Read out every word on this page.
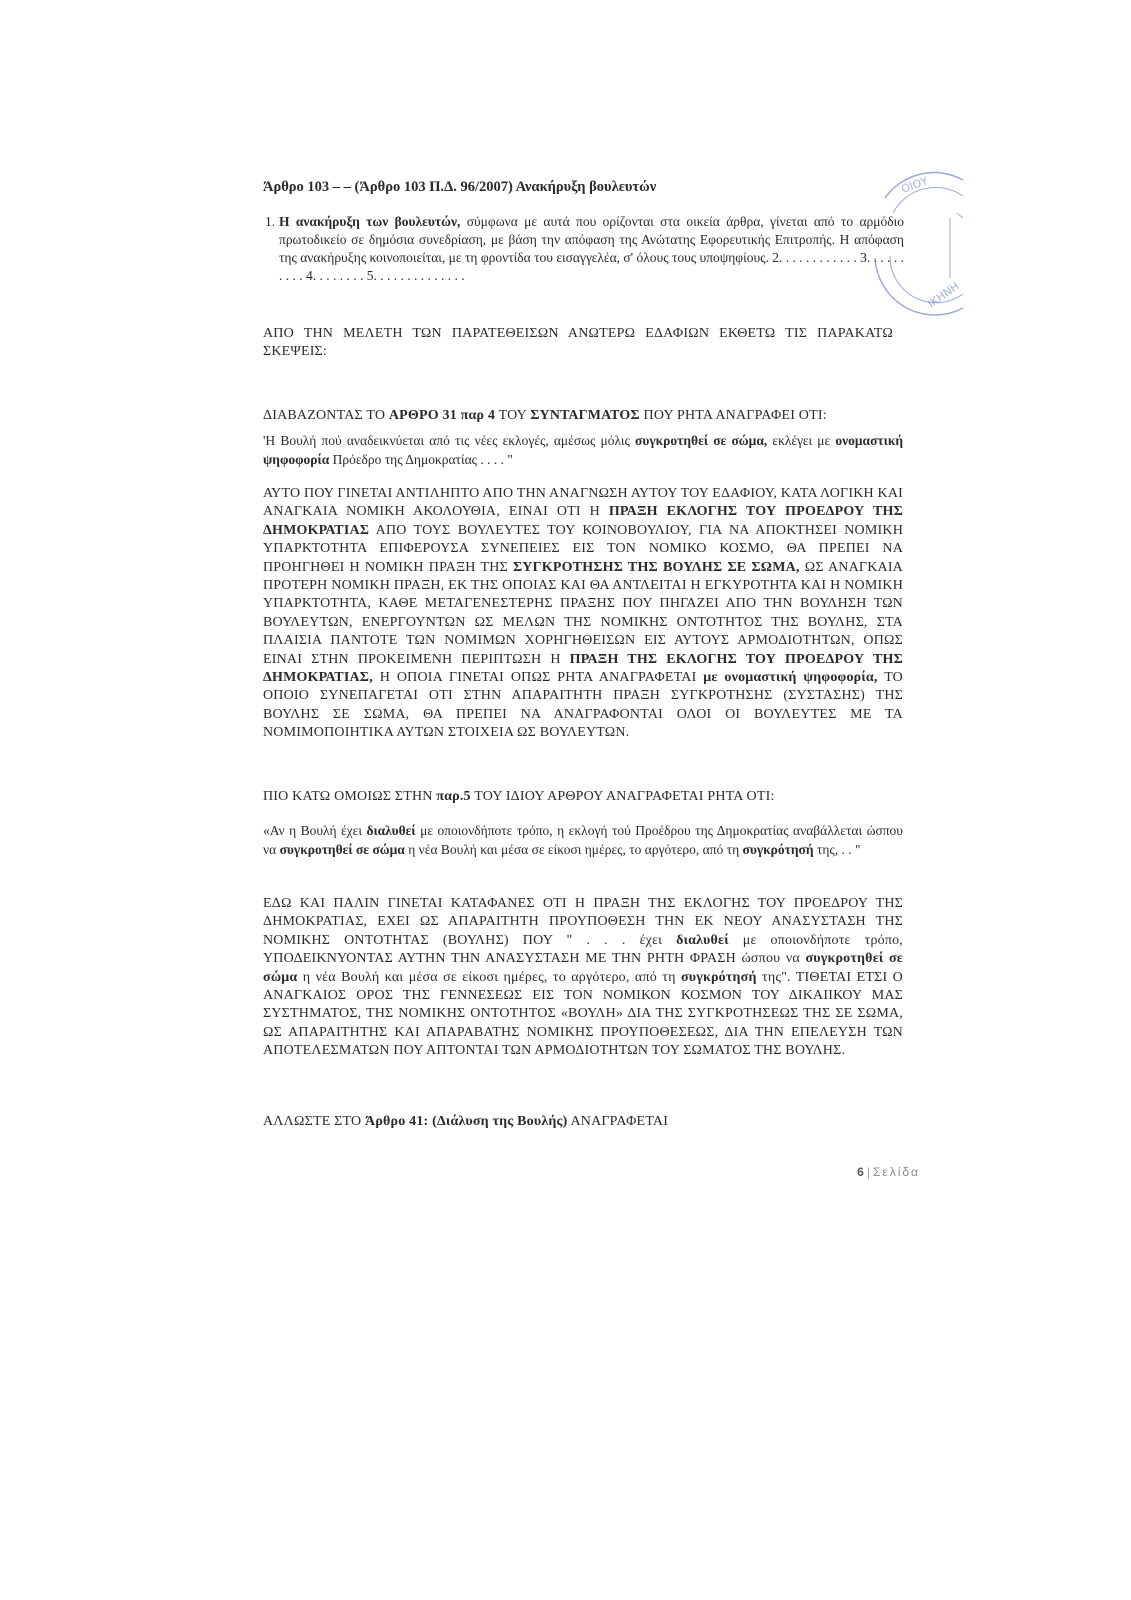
Άρθρο 103 – – (Άρθρο 103 Π.Δ. 96/2007) Ανακήρυξη βουλευτών

1. Η ανακήρυξη των βουλευτών, σύμφωνα με αυτά που ορίζονται στα οικεία άρθρα, γίνεται από το αρμόδιο πρωτοδικείο σε δημόσια συνεδρίαση, με βάση την απόφαση της Ανώτατης Εφορευτικής Επιτροπής. Η απόφαση της ανακήρυξης κοινοποιείται, με τη φροντίδα του εισαγγελέα, σ' όλους τους υποψηφίους. 2. . . . . . . . . . . . 3. . . . . . . . . . 4. . . . . . . . 5. . . . . . . . . . . . . .

ΟΙΟΥ
ΙΚΗΝΗ

ΑΠΟ ΤΗΝ ΜΕΛΕΤΗ ΤΩΝ ΠΑΡΑΤΕΘΕΙΣΩΝ ΑΝΩΤΕΡΩ ΕΔΑΦΙΩΝ ΕΚΘΕΤΩ ΤΙΣ ΠΑΡΑΚΑΤΩ ΣΚΕΨΕΙΣ:

ΔΙΑΒΑΖΟΝΤΑΣ ΤΟ ΑΡΘΡΟ 31 παρ 4 ΤΟΥ ΣΥΝΤΑΓΜΑΤΟΣ ΠΟΥ ΡΗΤΑ ΑΝΑΓΡΑΦΕΙ ΟΤΙ:

'Η Βουλή πού αναδεικνύεται από τις νέες εκλογές, αμέσως μόλις συγκροτηθεί σε σώμα, εκλέγει με ονομαστική ψηφοφορία Πρόεδρο της Δημοκρατίας . . . . "

ΑΥΤΟ ΠΟΥ ΓΙΝΕΤΑΙ ΑΝΤΙΛΗΠΤΟ ΑΠΟ ΤΗΝ ΑΝΑΓΝΩΣΗ ΑΥΤΟΥ ΤΟΥ ΕΔΑΦΙΟΥ, ΚΑΤΑ ΛΟΓΙΚΗ ΚΑΙ ΑΝΑΓΚΑΙΑ ΝΟΜΙΚΗ ΑΚΟΛΟΥΘΙΑ, ΕΙΝΑΙ ΟΤΙ Η ΠΡΑΞΗ ΕΚΛΟΓΗΣ ΤΟΥ ΠΡΟΕΔΡΟΥ ΤΗΣ ΔΗΜΟΚΡΑΤΙΑΣ ΑΠΟ ΤΟΥΣ ΒΟΥΛΕΥΤΕΣ ΤΟΥ ΚΟΙΝΟΒΟΥΛΙΟΥ, ΓΙΑ ΝΑ ΑΠΟΚΤΗΣΕΙ ΝΟΜΙΚΗ ΥΠΑΡΚΤΟΤΗΤΑ ΕΠΙΦΕΡΟΥΣΑ ΣΥΝΕΠΕΙΕΣ ΕΙΣ ΤΟΝ ΝΟΜΙΚΟ ΚΟΣΜΟ, ΘΑ ΠΡΕΠΕΙ ΝΑ ΠΡΟΗΓΗΘΕΙ Η ΝΟΜΙΚΗ ΠΡΑΞΗ ΤΗΣ ΣΥΓΚΡΟΤΗΣΗΣ ΤΗΣ ΒΟΥΛΗΣ ΣΕ ΣΩΜΑ, ΩΣ ΑΝΑΓΚΑΙΑ ΠΡΟΤΕΡΗ ΝΟΜΙΚΗ ΠΡΑΞΗ, ΕΚ ΤΗΣ ΟΠΟΙΑΣ ΚΑΙ ΘΑ ΑΝΤΛΕΙΤΑΙ Η ΕΓΚΥΡΟΤΗΤΑ ΚΑΙ Η ΝΟΜΙΚΗ ΥΠΑΡΚΤΟΤΗΤΑ, ΚΑΘΕ ΜΕΤΑΓΕΝΕΣΤΕΡΗΣ ΠΡΑΞΗΣ ΠΟΥ ΠΗΓΑΖΕΙ ΑΠΟ ΤΗΝ ΒΟΥΛΗΣΗ ΤΩΝ ΒΟΥΛΕΥΤΩΝ, ΕΝΕΡΓΟΥΝΤΩΝ ΩΣ ΜΕΛΩΝ ΤΗΣ ΝΟΜΙΚΗΣ ΟΝΤΟΤΗΤΟΣ ΤΗΣ ΒΟΥΛΗΣ, ΣΤΑ ΠΛΑΙΣΙΑ ΠΑΝΤΟΤΕ ΤΩΝ ΝΟΜΙΜΩΝ ΧΟΡΗΓΗΘΕΙΣΩΝ ΕΙΣ ΑΥΤΟΥΣ ΑΡΜΟΔΙΟΤΗΤΩΝ, ΟΠΩΣ ΕΙΝΑΙ ΣΤΗΝ ΠΡΟΚΕΙΜΕΝΗ ΠΕΡΙΠΤΩΣΗ Η ΠΡΑΞΗ ΤΗΣ ΕΚΛΟΓΗΣ ΤΟΥ ΠΡΟΕΔΡΟΥ ΤΗΣ ΔΗΜΟΚΡΑΤΙΑΣ, Η ΟΠΟΙΑ ΓΙΝΕΤΑΙ ΟΠΩΣ ΡΗΤΑ ΑΝΑΓΡΑΦΕΤΑΙ με ονομαστική ψηφοφορία, ΤΟ ΟΠΟΙΟ ΣΥΝΕΠΑΓΕΤΑΙ ΟΤΙ ΣΤΗΝ ΑΠΑΡΑΙΤΗΤΗ ΠΡΑΞΗ ΣΥΓΚΡΟΤΗΣΗΣ (ΣΥΣΤΑΣΗΣ) ΤΗΣ ΒΟΥΛΗΣ ΣΕ ΣΩΜΑ, ΘΑ ΠΡΕΠΕΙ ΝΑ ΑΝΑΓΡΑΦΟΝΤΑΙ ΟΛΟΙ ΟΙ ΒΟΥΛΕΥΤΕΣ ΜΕ ΤΑ ΝΟΜΙΜΟΠΟΙΗΤΙΚΑ ΑΥΤΩΝ ΣΤΟΙΧΕΙΑ ΩΣ ΒΟΥΛΕΥΤΩΝ.

ΠΙΟ ΚΑΤΩ ΟΜΟΙΩΣ ΣΤΗΝ παρ.5 ΤΟΥ ΙΔΙΟΥ ΑΡΘΡΟΥ ΑΝΑΓΡΑΦΕΤΑΙ ΡΗΤΑ ΟΤΙ:

«Αν η Βουλή έχει διαλυθεί με οποιονδήποτε τρόπο, η εκλογή τού Προέδρου της Δημοκρατίας αναβάλλεται ώσπου να συγκροτηθεί σε σώμα η νέα Βουλή και μέσα σε είκοσι ημέρες, το αργότερο, από τη συγκρότησή της, . . "

ΕΔΩ ΚΑΙ ΠΑΛΙΝ ΓΙΝΕΤΑΙ ΚΑΤΑΦΑΝΕΣ ΟΤΙ Η ΠΡΑΞΗ ΤΗΣ ΕΚΛΟΓΗΣ ΤΟΥ ΠΡΟΕΔΡΟΥ ΤΗΣ ΔΗΜΟΚΡΑΤΙΑΣ, ΕΧΕΙ ΩΣ ΑΠΑΡΑΙΤΗΤΗ ΠΡΟΥΠΟΘΕΣΗ ΤΗΝ ΕΚ ΝΕΟΥ ΑΝΑΣΥΣΤΑΣΗ ΤΗΣ ΝΟΜΙΚΗΣ ΟΝΤΟΤΗΤΑΣ (ΒΟΥΛΗΣ) ΠΟΥ " . . . έχει διαλυθεί με οποιονδήποτε τρόπο, ΥΠΟΔΕΙΚΝΥΟΝΤΑΣ ΑΥΤΗΝ ΤΗΝ ΑΝΑΣΥΣΤΑΣΗ ΜΕ ΤΗΝ ΡΗΤΗ ΦΡΑΣΗ ώσπου να συγκροτηθεί σε σώμα η νέα Βουλή και μέσα σε είκοσι ημέρες, το αργότερο, από τη συγκρότησή της". ΤΙΘΕΤΑΙ ΕΤΣΙ Ο ΑΝΑΓΚΑΙΟΣ ΟΡΟΣ ΤΗΣ ΓΕΝΝΕΣΕΩΣ ΕΙΣ ΤΟΝ ΝΟΜΙΚΟΝ ΚΟΣΜΟΝ ΤΟΥ ΔΙΚΑΙΙΚΟΥ ΜΑΣ ΣΥΣΤΗΜΑΤΟΣ, ΤΗΣ ΝΟΜΙΚΗΣ ΟΝΤΟΤΗΤΟΣ «ΒΟΥΛΗ» ΔΙΑ ΤΗΣ ΣΥΓΚΡΟΤΗΣΕΩΣ ΤΗΣ ΣΕ ΣΩΜΑ, ΩΣ ΑΠΑΡΑΙΤΗΤΗΣ ΚΑΙ ΑΠΑΡΑΒΑΤΗΣ ΝΟΜΙΚΗΣ ΠΡΟΥΠΟΘΕΣΕΩΣ, ΔΙΑ ΤΗΝ ΕΠΕΛΕΥΣΗ ΤΩΝ ΑΠΟΤΕΛΕΣΜΑΤΩΝ ΠΟΥ ΑΠΤΟΝΤΑΙ ΤΩΝ ΑΡΜΟΔΙΟΤΗΤΩΝ ΤΟΥ ΣΩΜΑΤΟΣ ΤΗΣ ΒΟΥΛΗΣ.

ΑΛΛΩΣΤΕ ΣΤΟ Άρθρο 41: (Διάλυση της Βουλής) ΑΝΑΓΡΑΦΕΤΑΙ

6 | Σελίδα
